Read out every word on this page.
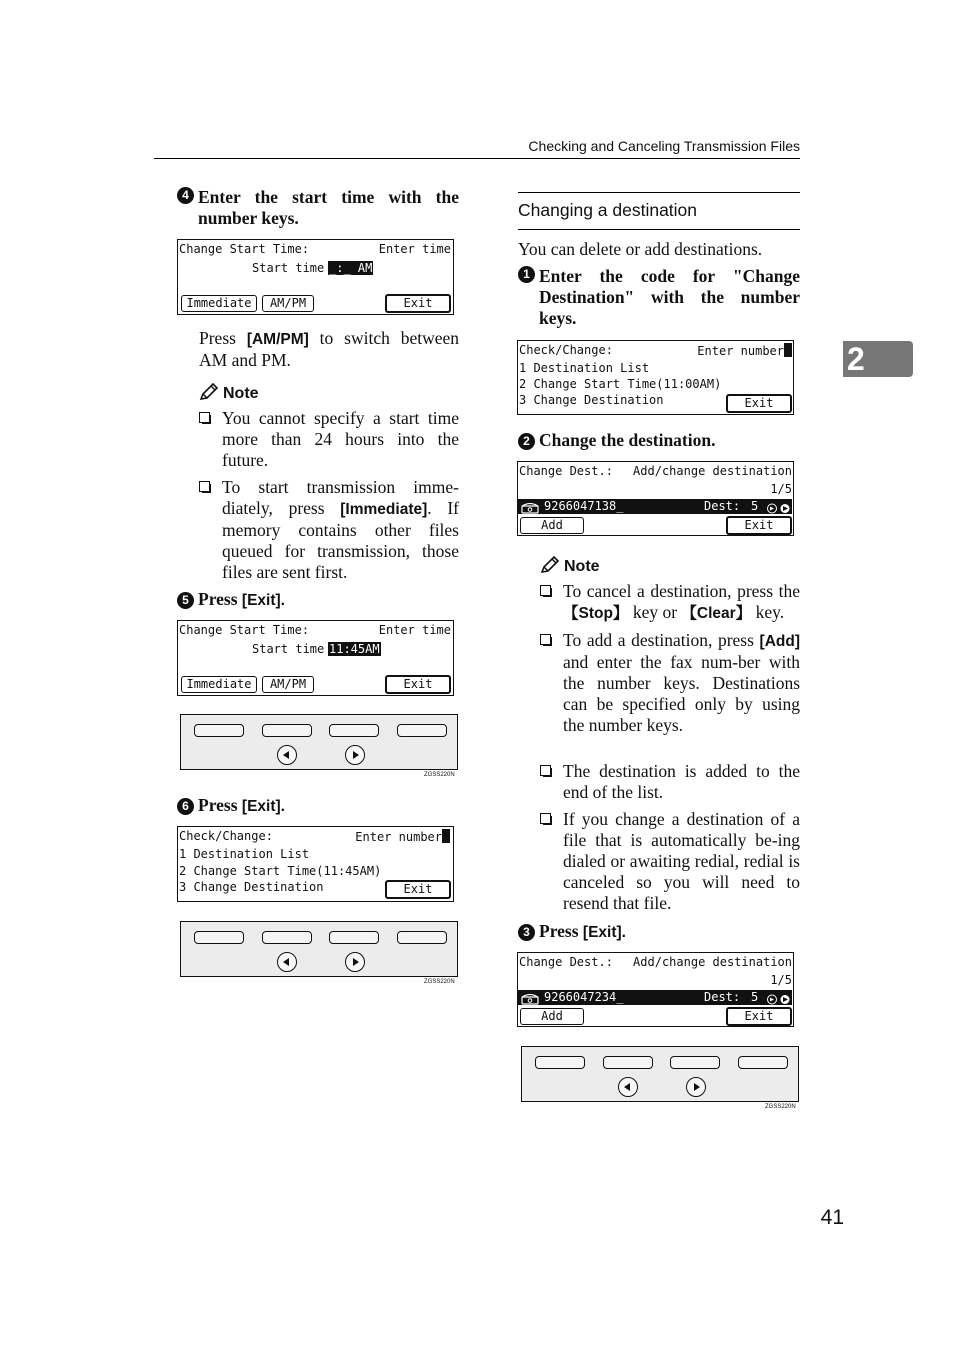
Checking and Canceling Transmission Files
2
4 Enter the start time with the number keys.
Change Start Time:	Enter time
Start time _:_ AM
Immediate	AM/PM	Exit
Press [AM/PM] to switch between AM and PM.
Note
You cannot specify a start time more than 24 hours into the future.
To start transmission imme-diately, press [Immediate]. If memory contains other files queued for transmission, those files are sent first.
5 Press [Exit].
Change Start Time:	Enter time
Start time 11:45AM
Immediate	AM/PM	Exit
ZGSS220N
6 Press [Exit].
Check/Change:	Enter number
1 Destination List
2 Change Start Time(11:45AM)
3 Change Destination	Exit
ZGSS220N
Changing a destination
You can delete or add destinations.
1 Enter the code for "Change Destination" with the number keys.
Check/Change:	Enter number
1 Destination List
2 Change Start Time(11:00AM)
3 Change Destination	Exit
2 Change the destination.
Change Dest.: Add/change destination
1/5
9266047138_	Dest: 5
Add	Exit
Note
To cancel a destination, press the 【Stop】 key or 【Clear】 key.
To add a destination, press [Add] and enter the fax num-ber with the number keys. Destinations can be specified only by using the number keys.
The destination is added to the end of the list.
If you change a destination of a file that is automatically be-ing dialed or awaiting redial, redial is canceled so you will need to resend that file.
3 Press [Exit].
Change Dest.: Add/change destination
1/5
9266047234_	Dest: 5
Add	Exit
ZGSS220N
41
